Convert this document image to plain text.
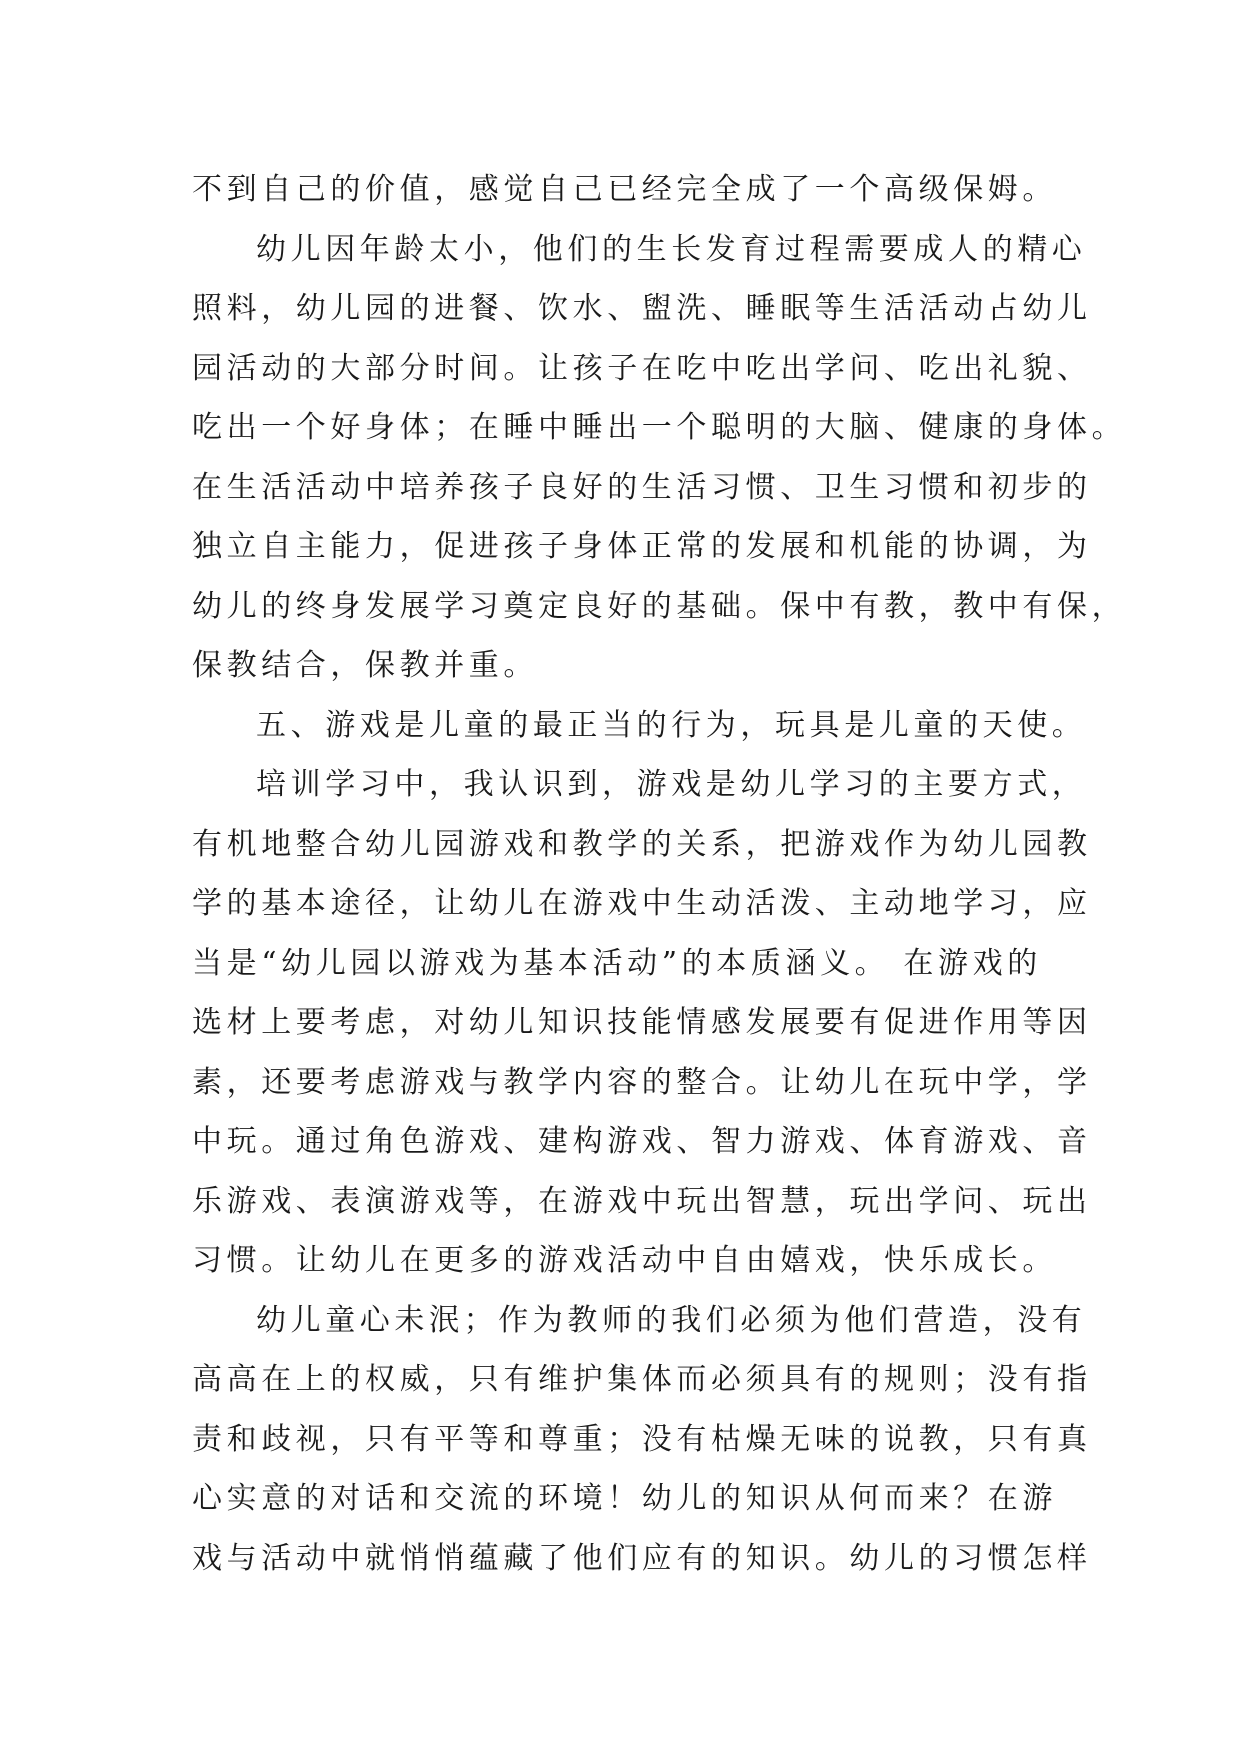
不到自己的价值，感觉自己已经完全成了一个高级保姆。
幼儿因年龄太小，他们的生长发育过程需要成人的精心
照料，幼儿园的进餐、饮水、盥洗、睡眠等生活活动占幼儿
园活动的大部分时间。让孩子在吃中吃出学问、吃出礼貌、
吃出一个好身体；在睡中睡出一个聪明的大脑、健康的身体。
在生活活动中培养孩子良好的生活习惯、卫生习惯和初步的
独立自主能力，促进孩子身体正常的发展和机能的协调，为
幼儿的终身发展学习奠定良好的基础。保中有教，教中有保，
保教结合，保教并重。
五、游戏是儿童的最正当的行为，玩具是儿童的天使。
培训学习中，我认识到，游戏是幼儿学习的主要方式，
有机地整合幼儿园游戏和教学的关系，把游戏作为幼儿园教
学的基本途径，让幼儿在游戏中生动活泼、主动地学习，应
当是“幼儿园以游戏为基本活动”的本质涵义。 在游戏的
选材上要考虑，对幼儿知识技能情感发展要有促进作用等因
素，还要考虑游戏与教学内容的整合。让幼儿在玩中学，学
中玩。通过角色游戏、建构游戏、智力游戏、体育游戏、音
乐游戏、表演游戏等，在游戏中玩出智慧，玩出学问、玩出
习惯。让幼儿在更多的游戏活动中自由嬉戏，快乐成长。
幼儿童心未泯；作为教师的我们必须为他们营造，没有
高高在上的权威，只有维护集体而必须具有的规则；没有指
责和歧视，只有平等和尊重；没有枯燥无味的说教，只有真
心实意的对话和交流的环境！幼儿的知识从何而来？在游
戏与活动中就悄悄蕴藏了他们应有的知识。幼儿的习惯怎样
